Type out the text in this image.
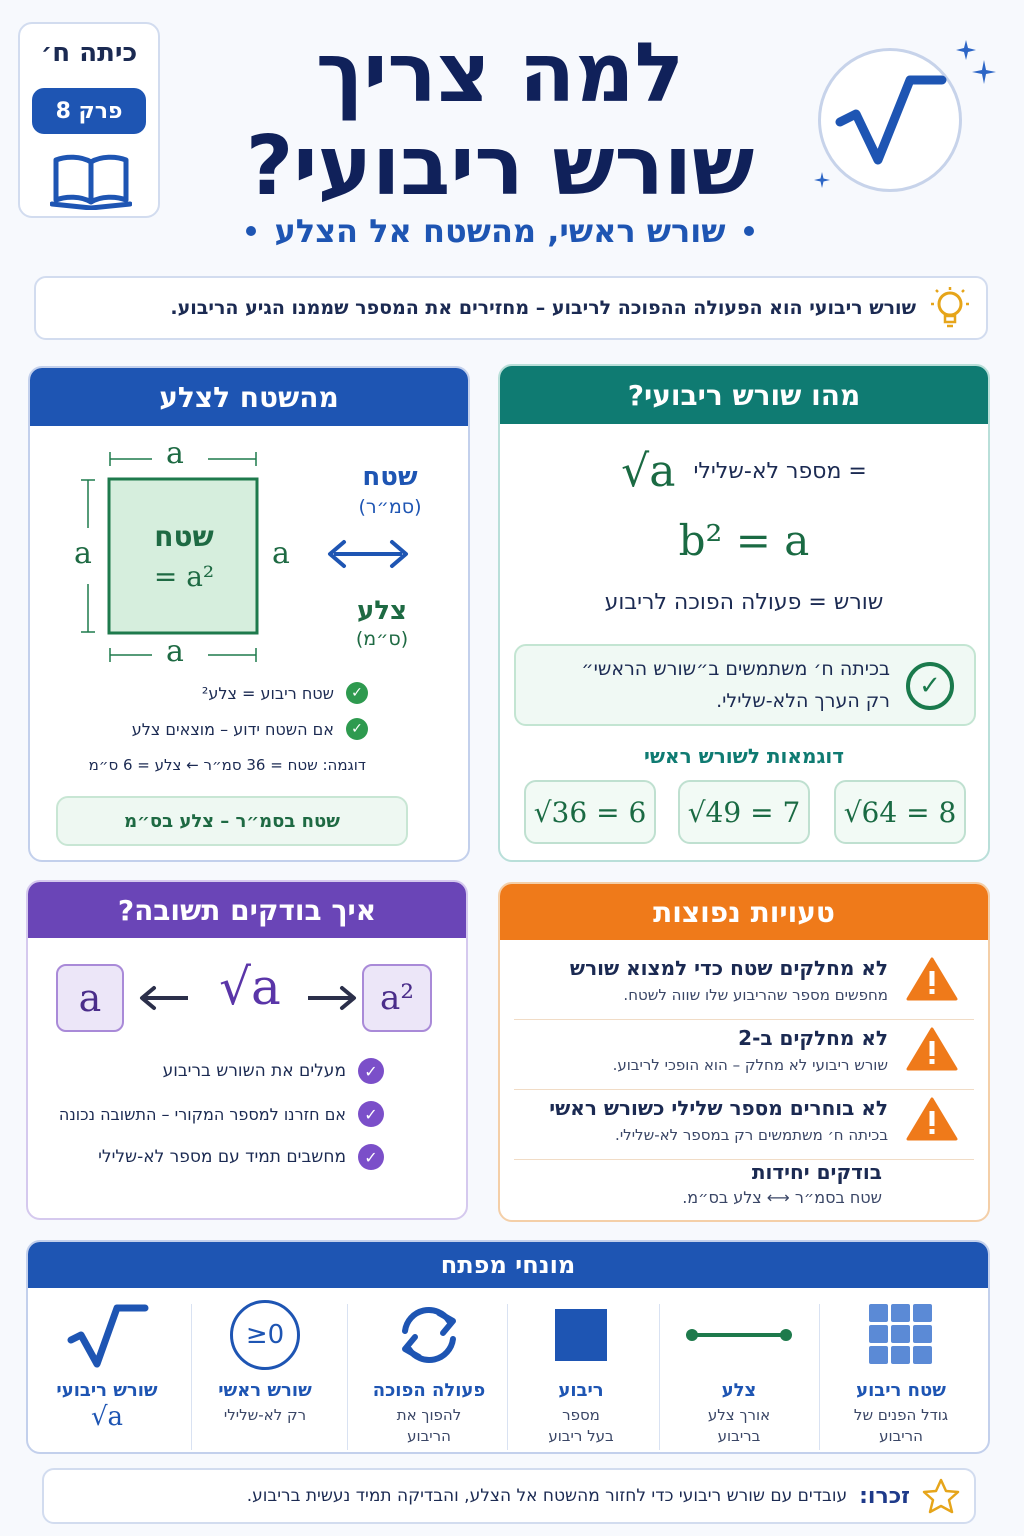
כיתה ח׳
פרק 8	למה צריך
שורש ריבועי?
שורש ראשי, מהשטח אל הצלע
שורש ריבועי הוא הפעולה ההפוכה לריבוע – מחזירים את המספר שממנו הגיע הריבוע.
מהו שורש ריבועי?
= מספר לא-שלילי
√a
b² = a
שורש = פעולה הפוכה לריבוע
✓
בכיתה ח׳ משתמשים ב״שורש הראשי״
רק הערך הלא-שלילי.
דוגמאות לשורש ראשי
√64 = 8
√49 = 7
√36 = 6
מהשטח לצלע
a
a
a	a
שטח
= a²
שטח
(סמ״ר)
צלע
(ס״מ)
✓
שטח ריבוע = צלע²
✓
אם השטח ידוע – מוצאים צלע
דוגמה: שטח = 36 סמ״ר ← צלע = 6 ס״מ
שטח בסמ״ר – צלע בס״מ
טעויות נפוצות
לא מחלקים שטח כדי למצוא שורש
מחפשים מספר שהריבוע שלו שווה לשטח.
לא מחלקים ב-2
שורש ריבועי לא מחלק – הוא הופכי לריבוע.
לא בוחרים מספר שלילי כשורש ראשי
בכיתה ח׳ משתמשים רק במספר לא-שלילי.
בודקים יחידות
שטח בסמ״ר ⟷ צלע בס״מ.
איך בודקים תשובה?
a	√a	a²
✓
מעלים את השורש בריבוע
✓
אם חזרנו למספר המקורי – התשובה נכונה
✓
מחשבים תמיד עם מספר לא-שלילי
מונחי מפתח
שטח ריבוע
גודל הפנים של
הריבוע
צלע
אורך צלע
בריבוע
ריבוע
מספר
בעל ריבוע
פעולה הפוכה
להפוך את
הריבוע
≥0
שורש ראשי
רק לא-שלילי
שורש ריבועי
√a
זכרו:
עובדים עם שורש ריבועי כדי לחזור מהשטח אל הצלע, והבדיקה תמיד נעשית בריבוע.
